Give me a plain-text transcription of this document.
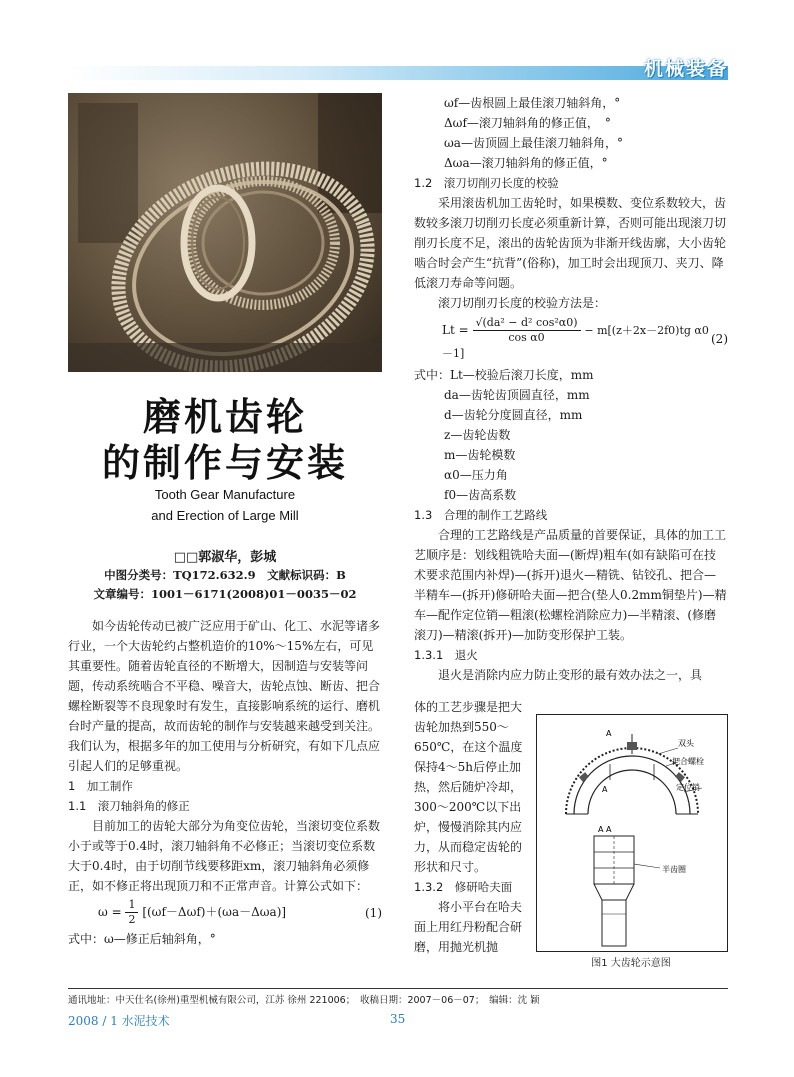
机械装备
磨机齿轮
的制作与安装
Tooth Gear Manufacture
and Erection of Large Mill
□□郭淑华，彭城
中图分类号：TQ172.632.9　文献标识码：B
文章编号：1001－6171(2008)01－0035－02

如今齿轮传动已被广泛应用于矿山、化工、水泥等诸多行业，一个大齿轮约占整机造价的10%～15%左右，可见其重要性。随着齿轮直径的不断增大，因制造与安装等问题，传动系统啮合不平稳、噪音大，齿轮点蚀、断齿、把合螺栓断裂等不良现象时有发生，直接影响系统的运行、磨机台时产量的提高，故而齿轮的制作与安装越来越受到关注。我们认为，根据多年的加工使用与分析研究，有如下几点应引起人们的足够重视。

1　加工制作

1.1　滚刀轴斜角的修正

目前加工的齿轮大部分为角变位齿轮，当滚切变位系数小于或等于0.4时，滚刀轴斜角不必修正；当滚切变位系数大于0.4时，由于切削节线要移距xm，滚刀轴斜角必须修正，如不修正将出现顶刀和不正常声音。计算公式如下：

$\omega = \frac{1}{2} [(\omega f-\Delta\omega f)+(\omega a-\Delta\omega a)]$	(1)

式中：ω—修正后轴斜角，°

ωf—齿根圆上最佳滚刀轴斜角，°

Δωf—滚刀轴斜角的修正值，　°

ωa—齿顶圆上最佳滚刀轴斜角，°

Δωa—滚刀轴斜角的修正值，°

1.2　滚刀切削刃长度的校验

采用滚齿机加工齿轮时，如果模数、变位系数较大，齿数较多滚刀切削刃长度必须重新计算，否则可能出现滚刀切削刃长度不足，滚出的齿轮齿顶为非渐开线齿廓，大小齿轮啮合时会产生“抗背”(俗称)，加工时会出现顶刀、夹刀、降低滚刀寿命等问题。

滚刀切削刃长度的校验方法是：

$Lt = \frac{\text{√(da² − d² cos²α0)}}{\text{cos α0}} - m[(z+2x-2f0)tg$ α0－1]
(2)

式中：Lt—校验后滚刀长度，mm

da—齿轮齿顶圆直径，mm

d—齿轮分度圆直径，mm

z—齿轮齿数

m—齿轮模数

α0—压力角

f0—齿高系数

1.3　合理的制作工艺路线

合理的工艺路线是产品质量的首要保证，具体的加工工艺顺序是：划线粗铣哈夫面—(断焊)粗车(如有缺陷可在技术要求范围内补焊)—(拆开)退火—精铣、钻铰孔、把合—半精车—(拆开)修研哈夫面—把合(垫人0.2mm铜垫片)—精车—配作定位销—粗滚(松螺栓消除应力)—半精滚、(修磨滚刀)—精滚(拆开)—加防变形保护工装。

1.3.1　退火

退火是消除内应力防止变形的最有效办法之一，具

体的工艺步骤是把大齿轮加热到550～650℃，在这个温度保持4～5h后停止加热，然后随炉冷却，300～200℃以下出炉，慢慢消除其内应力，从而稳定齿轮的形状和尺寸。

1.3.2　修研哈夫面

将小平台在哈夫面上用红丹粉配合研磨，用抛光机抛

A
A
双头
把合螺栓
定位销
A A
半齿圈
图1 大齿轮示意图
通讯地址：中天仕名(徐州)重型机械有限公司，江苏 徐州 221006；　收稿日期：2007－06－07；　编辑：沈 颖
2008 / 1 水泥技术	35
